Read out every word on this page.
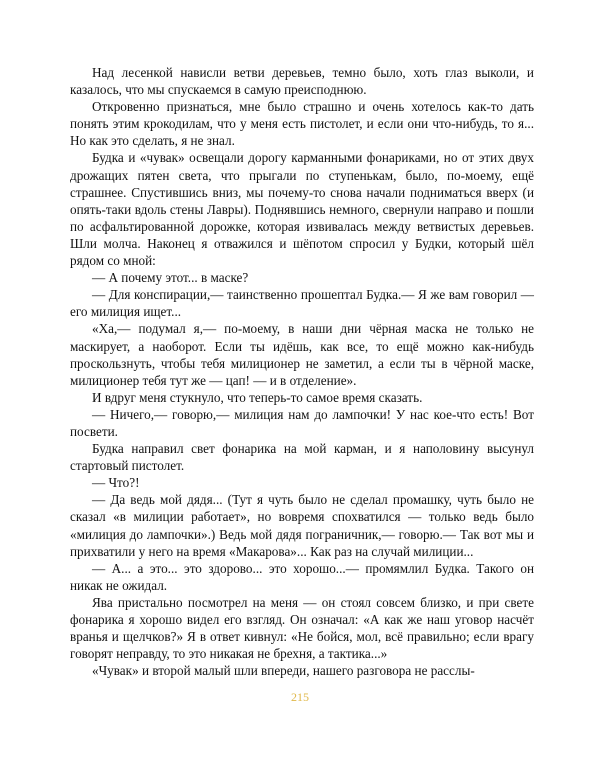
Над лесенкой нависли ветви деревьев, темно было, хоть глаз выколи, и казалось, что мы спускаемся в самую преисподнюю.

Откровенно признаться, мне было страшно и очень хотелось как-то дать понять этим крокодилам, что у меня есть пистолет, и если они что-нибудь, то я... Но как это сделать, я не знал.

Будка и «чувак» освещали дорогу карманными фонариками, но от этих двух дрожащих пятен света, что прыгали по ступенькам, было, по-моему, ещё страшнее. Спустившись вниз, мы почему-то снова начали подниматься вверх (и опять-таки вдоль стены Лавры). Поднявшись немного, свернули направо и пошли по асфальтированной дорожке, которая извивалась между ветвистых деревьев. Шли молча. Наконец я отважился и шёпотом спросил у Будки, который шёл рядом со мной:

— А почему этот... в маске?

— Для конспирации,— таинственно прошептал Будка.— Я же вам говорил — его милиция ищет...

«Ха,— подумал я,— по-моему, в наши дни чёрная маска не только не маскирует, а наоборот. Если ты идёшь, как все, то ещё можно как-нибудь проскользнуть, чтобы тебя милиционер не заметил, а если ты в чёрной маске, милиционер тебя тут же — цап! — и в отделение».

И вдруг меня стукнуло, что теперь-то самое время сказать.

— Ничего,— говорю,— милиция нам до лампочки! У нас кое-что есть! Вот посвети.

Будка направил свет фонарика на мой карман, и я наполовину высунул стартовый пистолет.

— Что?!

— Да ведь мой дядя... (Тут я чуть было не сделал промашку, чуть было не сказал «в милиции работает», но вовремя спохватился — только ведь было «милиция до лампочки».) Ведь мой дядя пограничник,— говорю.— Так вот мы и прихватили у него на время «Макарова»... Как раз на случай милиции...

— А... а это... это здорово... это хорошо...— промямлил Будка. Такого он никак не ожидал.

Ява пристально посмотрел на меня — он стоял совсем близко, и при свете фонарика я хорошо видел его взгляд. Он означал: «А как же наш уговор насчёт вранья и щелчков?» Я в ответ кивнул: «Не бойся, мол, всё правильно; если врагу говорят неправду, то это никакая не брехня, а тактика...»

«Чувак» и второй малый шли впереди, нашего разговора не расслы-

215
